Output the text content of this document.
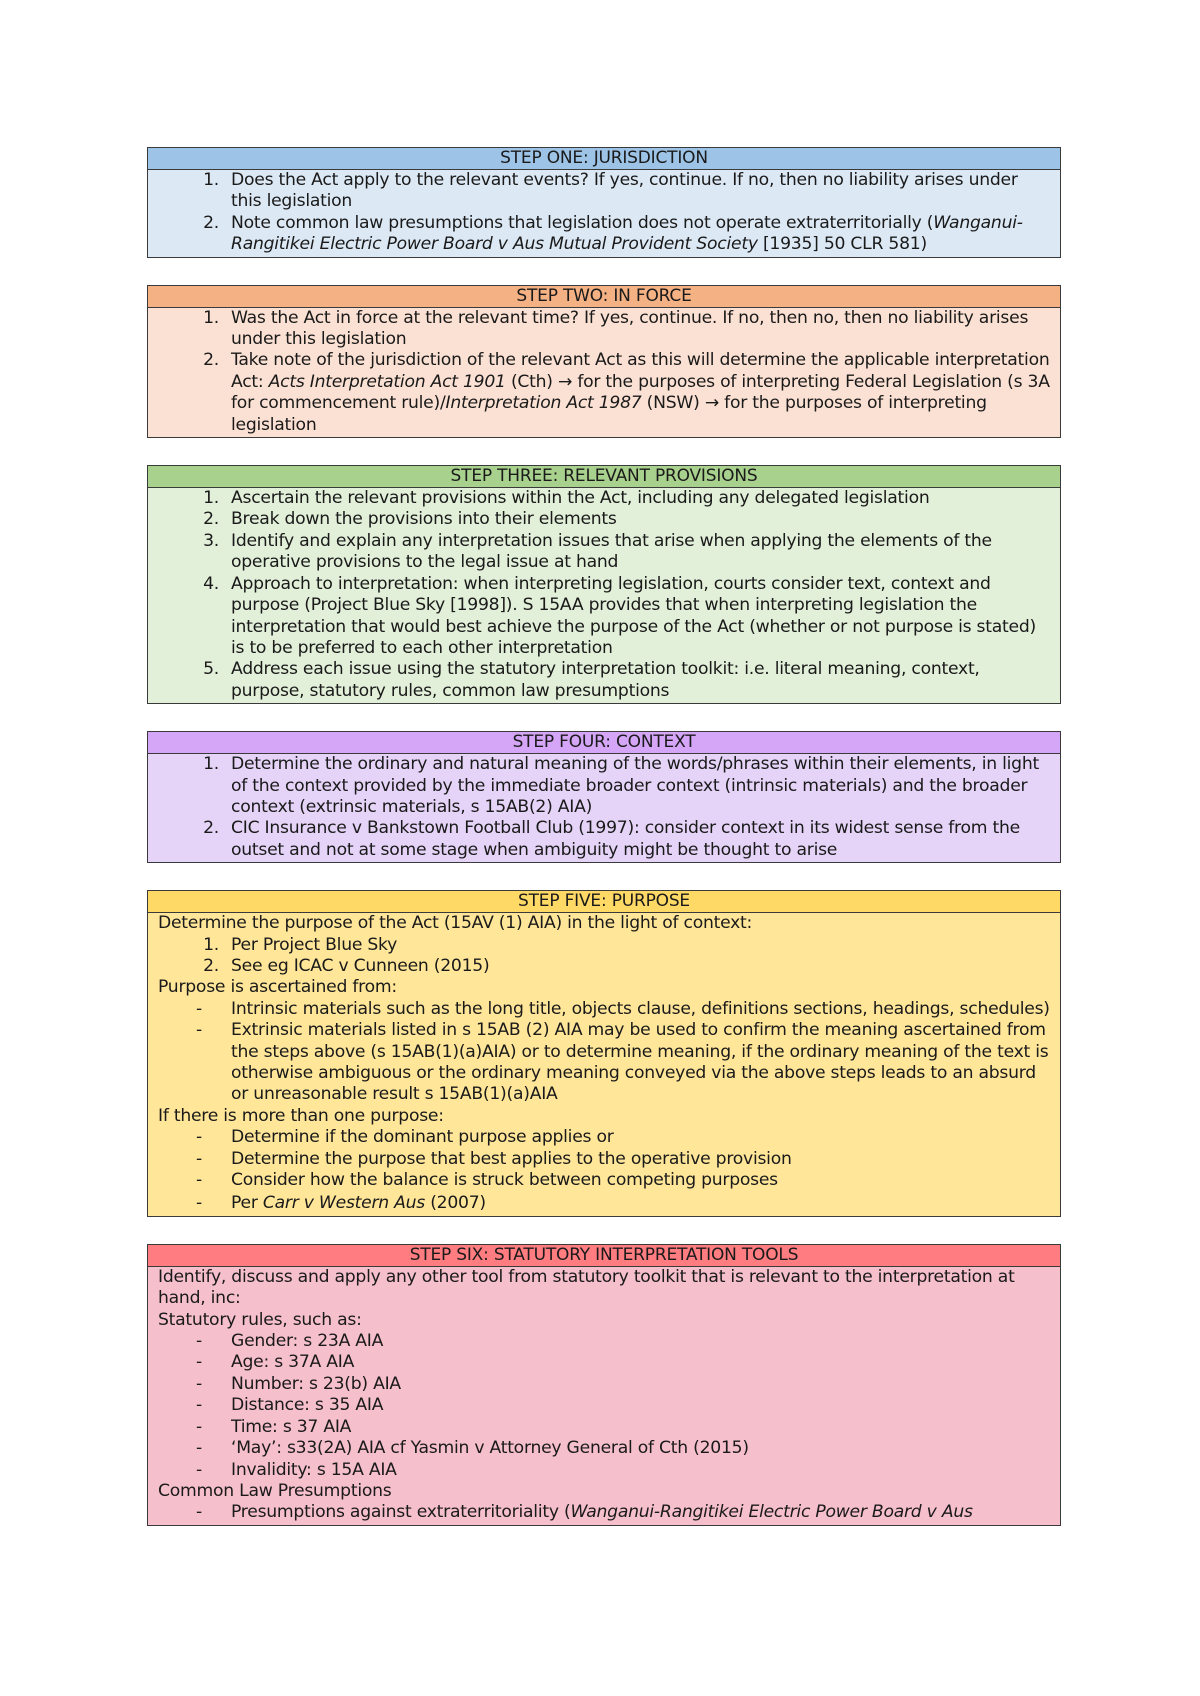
STEP ONE: JURISDICTION
1. Does the Act apply to the relevant events? If yes, continue. If no, then no liability arises under this legislation
2. Note common law presumptions that legislation does not operate extraterritorially (Wanganui-Rangitikei Electric Power Board v Aus Mutual Provident Society [1935] 50 CLR 581)
STEP TWO: IN FORCE
1. Was the Act in force at the relevant time? If yes, continue. If no, then no, then no liability arises under this legislation
2. Take note of the jurisdiction of the relevant Act as this will determine the applicable interpretation Act: Acts Interpretation Act 1901 (Cth) → for the purposes of interpreting Federal Legislation (s 3A for commencement rule)/Interpretation Act 1987 (NSW) → for the purposes of interpreting legislation
STEP THREE: RELEVANT PROVISIONS
1. Ascertain the relevant provisions within the Act, including any delegated legislation
2. Break down the provisions into their elements
3. Identify and explain any interpretation issues that arise when applying the elements of the operative provisions to the legal issue at hand
4. Approach to interpretation: when interpreting legislation, courts consider text, context and purpose (Project Blue Sky [1998]). S 15AA provides that when interpreting legislation the interpretation that would best achieve the purpose of the Act (whether or not purpose is stated) is to be preferred to each other interpretation
5. Address each issue using the statutory interpretation toolkit: i.e. literal meaning, context, purpose, statutory rules, common law presumptions
STEP FOUR: CONTEXT
1. Determine the ordinary and natural meaning of the words/phrases within their elements, in light of the context provided by the immediate broader context (intrinsic materials) and the broader context (extrinsic materials, s 15AB(2) AIA)
2. CIC Insurance v Bankstown Football Club (1997): consider context in its widest sense from the outset and not at some stage when ambiguity might be thought to arise
STEP FIVE: PURPOSE
Determine the purpose of the Act (15AV (1) AIA) in the light of context:
1. Per Project Blue Sky
2. See eg ICAC v Cunneen (2015)
Purpose is ascertained from:
-	Intrinsic materials such as the long title, objects clause, definitions sections, headings, schedules)
-	Extrinsic materials listed in s 15AB (2) AIA may be used to confirm the meaning ascertained from the steps above (s 15AB(1)(a)AIA) or to determine meaning, if the ordinary meaning of the text is otherwise ambiguous or the ordinary meaning conveyed via the above steps leads to an absurd or unreasonable result s 15AB(1)(a)AIA
If there is more than one purpose:
-	Determine if the dominant purpose applies or
-	Determine the purpose that best applies to the operative provision
-	Consider how the balance is struck between competing purposes
-	Per Carr v Western Aus (2007)
STEP SIX: STATUTORY INTERPRETATION TOOLS
Identify, discuss and apply any other tool from statutory toolkit that is relevant to the interpretation at hand, inc:
Statutory rules, such as:
-	Gender: s 23A AIA
-	Age: s 37A AIA
-	Number: s 23(b) AIA
-	Distance: s 35 AIA
-	Time: s 37 AIA
-	‘May’: s33(2A) AIA cf Yasmin v Attorney General of Cth (2015)
-	Invalidity: s 15A AIA
Common Law Presumptions
-	Presumptions against extraterritoriality (Wanganui-Rangitikei Electric Power Board v Aus
